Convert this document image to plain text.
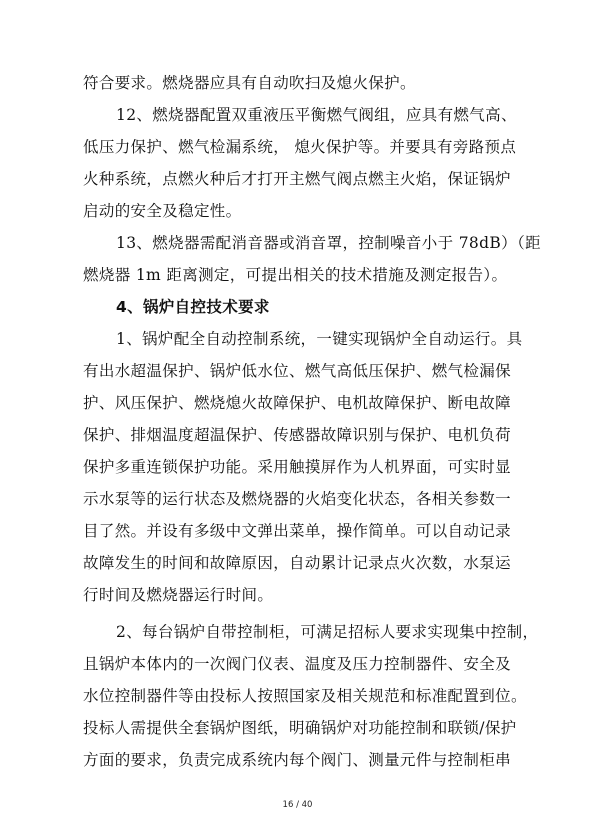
符合要求。燃烧器应具有自动吹扫及熄火保护。
12、燃烧器配置双重液压平衡燃气阀组，应具有燃气高、
低压力保护、燃气检漏系统， 熄火保护等。并要具有旁路预点
火种系统，点燃火种后才打开主燃气阀点燃主火焰，保证锅炉
启动的安全及稳定性。
13、燃烧器需配消音器或消音罩，控制噪音小于 78dB）（距
燃烧器 1m 距离测定，可提出相关的技术措施及测定报告）。
4、锅炉自控技术要求
1、锅炉配全自动控制系统，一键实现锅炉全自动运行。具
有出水超温保护、锅炉低水位、燃气高低压保护、燃气检漏保
护、风压保护、燃烧熄火故障保护、电机故障保护、断电故障
保护、排烟温度超温保护、传感器故障识别与保护、电机负荷
保护多重连锁保护功能。采用触摸屏作为人机界面，可实时显
示水泵等的运行状态及燃烧器的火焰变化状态，各相关参数一
目了然。并设有多级中文弹出菜单，操作简单。可以自动记录
故障发生的时间和故障原因，自动累计记录点火次数，水泵运
行时间及燃烧器运行时间。
2、每台锅炉自带控制柜，可满足招标人要求实现集中控制，
且锅炉本体内的一次阀门仪表、温度及压力控制器件、安全及
水位控制器件等由投标人按照国家及相关规范和标准配置到位。
投标人需提供全套锅炉图纸，明确锅炉对功能控制和联锁/保护
方面的要求，负责完成系统内每个阀门、测量元件与控制柜串
16 / 40
